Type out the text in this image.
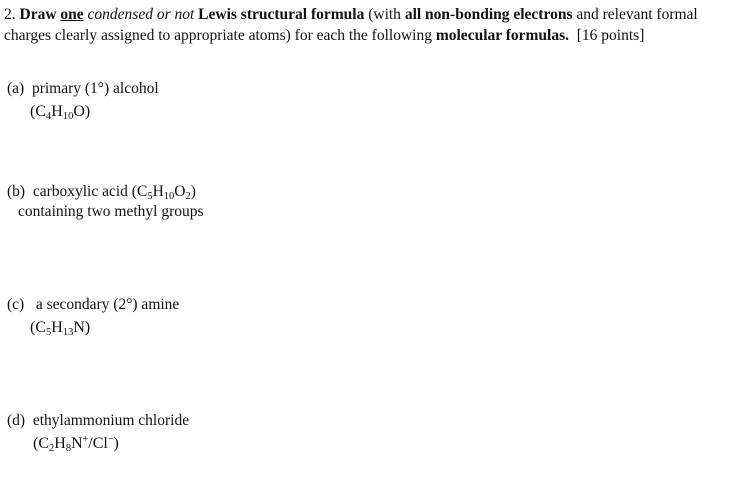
2. Draw one condensed or not Lewis structural formula (with all non-bonding electrons and relevant formal charges clearly assigned to appropriate atoms) for each the following molecular formulas. [16 points]
(a) primary (1°) alcohol
$(C_4H_{10}O)$
(b) carboxylic acid $(C_5H_{10}O_2)$
containing two methyl groups
(c) a secondary (2°) amine
$(C_5H_{13}N)$
(d) ethylammonium chloride
$(C_2H_8N^+/Cl^-)$
